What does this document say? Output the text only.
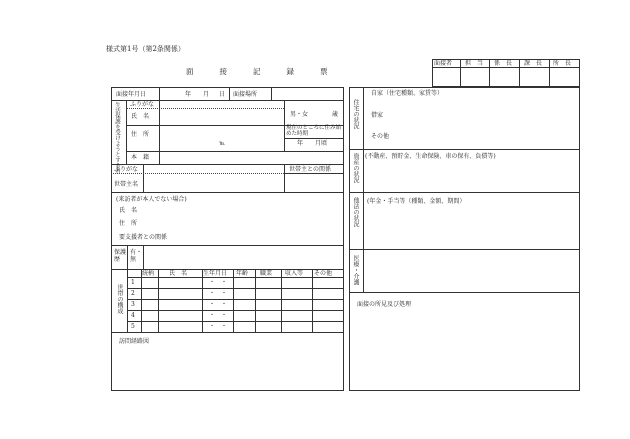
様式第1号（第2条関係）
面接記録票
面接者 担　当 係　長 課　長 所　長
面接年月日	年 月 日 面接場所
生活保護を受けようとする者 ふりがな
氏　名	男・女	歳
住　所
℡
現在のところに住み始めた時期
年　　月頃
本　籍
ふりがな	世帯主との関係
世帯主名
(来訪者が本人でない場合)
氏　名
住　所
要支援者との関係
保護歴
有・無
世帯の構成
続柄 氏　名	生年月日 年齢 職業 収入等 その他
1	・　・
2	・　・
3	・　・
4	・　・
5	・　・
訪問経路図
住宅の状況
自家（住宅種類、家賃等）
借家
その他
資産の状況 (不動産、預貯金、生命保険、車の保有、負債等)
他法の状況 (年金・手当等（種類、金額、期間）
医療・介護
面接の所見及び処理
